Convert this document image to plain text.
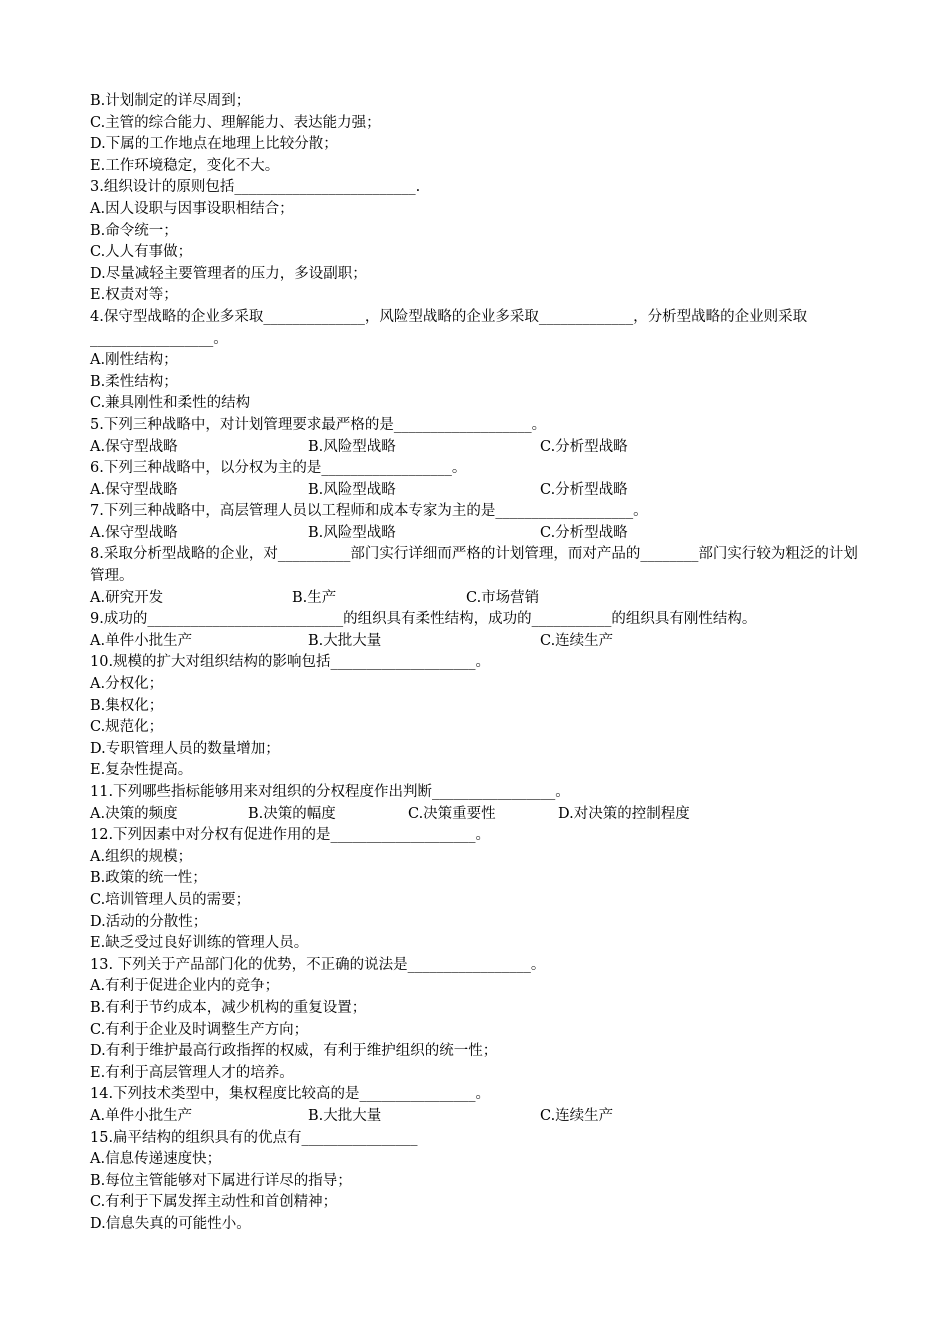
B.计划制定的详尽周到；
C.主管的综合能力、理解能力、表达能力强；
D.下属的工作地点在地理上比较分散；
E.工作环境稳定，变化不大。
3.组织设计的原则包括_________________________.
A.因人设职与因事设职相结合；
B.命令统一；
C.人人有事做；
D.尽量减轻主要管理者的压力，多设副职；
E.权责对等；
4.保守型战略的企业多采取______________，风险型战略的企业多采取_____________，分析型战略的企业则采取_________________。
A.刚性结构；
B.柔性结构；
C.兼具刚性和柔性的结构
5.下列三种战略中，对计划管理要求最严格的是___________________。
A.保守型战略	B.风险型战略	C.分析型战略
6.下列三种战略中，以分权为主的是__________________。
A.保守型战略	B.风险型战略	C.分析型战略
7.下列三种战略中，高层管理人员以工程师和成本专家为主的是___________________。
A.保守型战略	B.风险型战略	C.分析型战略
8.采取分析型战略的企业，对__________部门实行详细而严格的计划管理，而对产品的________部门实行较为粗泛的计划管理。
A.研究开发	B.生产	C.市场营销
9.成功的___________________________的组织具有柔性结构，成功的___________的组织具有刚性结构。
A.单件小批生产	B.大批大量	C.连续生产
10.规模的扩大对组织结构的影响包括____________________。
A.分权化；
B.集权化；
C.规范化；
D.专职管理人员的数量增加；
E.复杂性提高。
11.下列哪些指标能够用来对组织的分权程度作出判断_________________。
A.决策的频度	B.决策的幅度	C.决策重要性	D.对决策的控制程度
12.下列因素中对分权有促进作用的是____________________。
A.组织的规模；
B.政策的统一性；
C.培训管理人员的需要；
D.活动的分散性；
E.缺乏受过良好训练的管理人员。
13. 下列关于产品部门化的优势，不正确的说法是_________________。
A.有利于促进企业内的竞争；
B.有利于节约成本，减少机构的重复设置；
C.有利于企业及时调整生产方向；
D.有利于维护最高行政指挥的权威，有利于维护组织的统一性；
E.有利于高层管理人才的培养。
14.下列技术类型中，集权程度比较高的是________________。
A.单件小批生产	B.大批大量	C.连续生产
15.扁平结构的组织具有的优点有________________
A.信息传递速度快；
B.每位主管能够对下属进行详尽的指导；
C.有利于下属发挥主动性和首创精神；
D.信息失真的可能性小。
